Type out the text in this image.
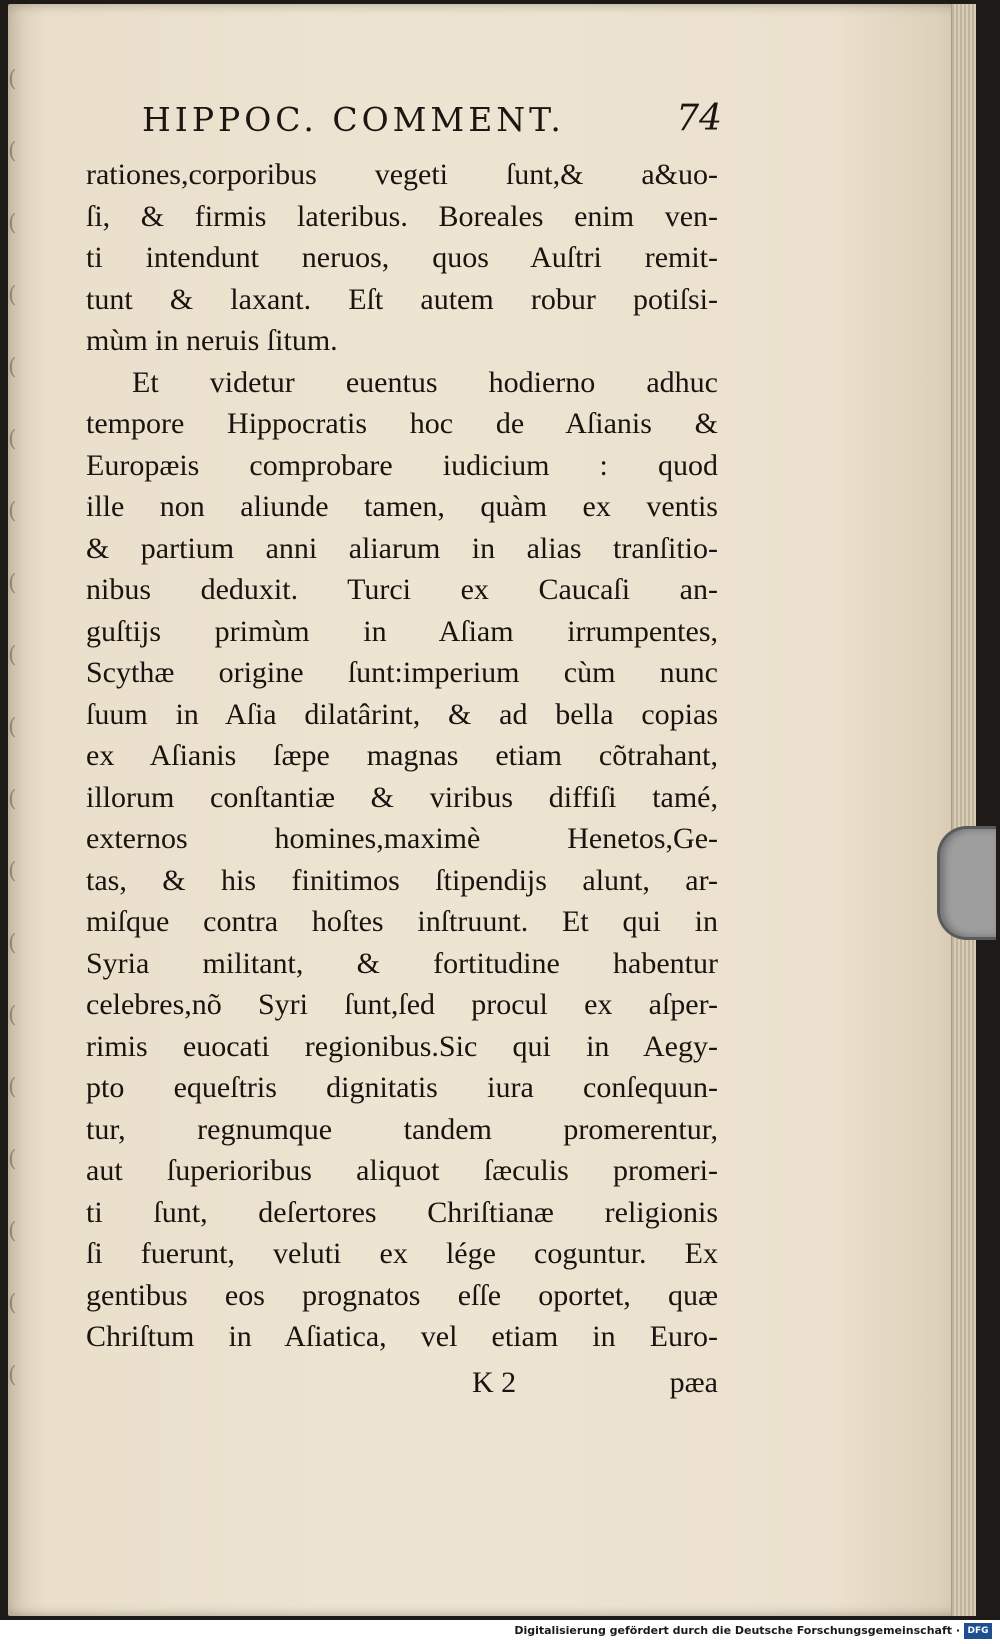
( ( ( ( ( ( ( ( ( ( ( ( ( ( ( ( ( ( (
HIPPOC. COMMENT.	74
rationes,corporibus vegeti ſunt,& a&uo-
ſi, & firmis lateribus. Boreales enim ven-
ti intendunt neruos, quos Auſtri remit-
tunt & laxant. Eſt autem robur potiſsi-
mùm in neruis ſitum.
Et videtur euentus hodierno adhuc
tempore Hippocratis hoc de Aſianis &
Europæis comprobare iudicium : quod
ille non aliunde tamen, quàm ex ventis
& partium anni aliarum in alias tranſitio-
nibus deduxit. Turci ex Caucaſi an-
guſtijs primùm in Aſiam irrumpentes,
Scythæ origine ſunt:imperium cùm nunc
ſuum in Aſia dilatârint, & ad bella copias
ex Aſianis ſæpe magnas etiam cõtrahant,
illorum conſtantiæ & viribus diffiſi tamé,
externos homines,maximè Henetos,Ge-
tas, & his finitimos ſtipendijs alunt, ar-
miſque contra hoſtes inſtruunt. Et qui in
Syria militant, & fortitudine habentur
celebres,nõ Syri ſunt,ſed procul ex aſper-
rimis euocati regionibus.Sic qui in Aegy-
pto equeſtris dignitatis iura conſequun-
tur, regnumque tandem promerentur,
aut ſuperioribus aliquot ſæculis promeri-
ti ſunt, deſertores Chriſtianæ religionis
ſi fuerunt, veluti ex lége coguntur. Ex
gentibus eos prognatos eſſe oportet, quæ
Chriſtum in Aſiatica, vel etiam in Euro-
K 2	pæa
Digitalisierung gefördert durch die Deutsche Forschungsgemeinschaft · DFG
